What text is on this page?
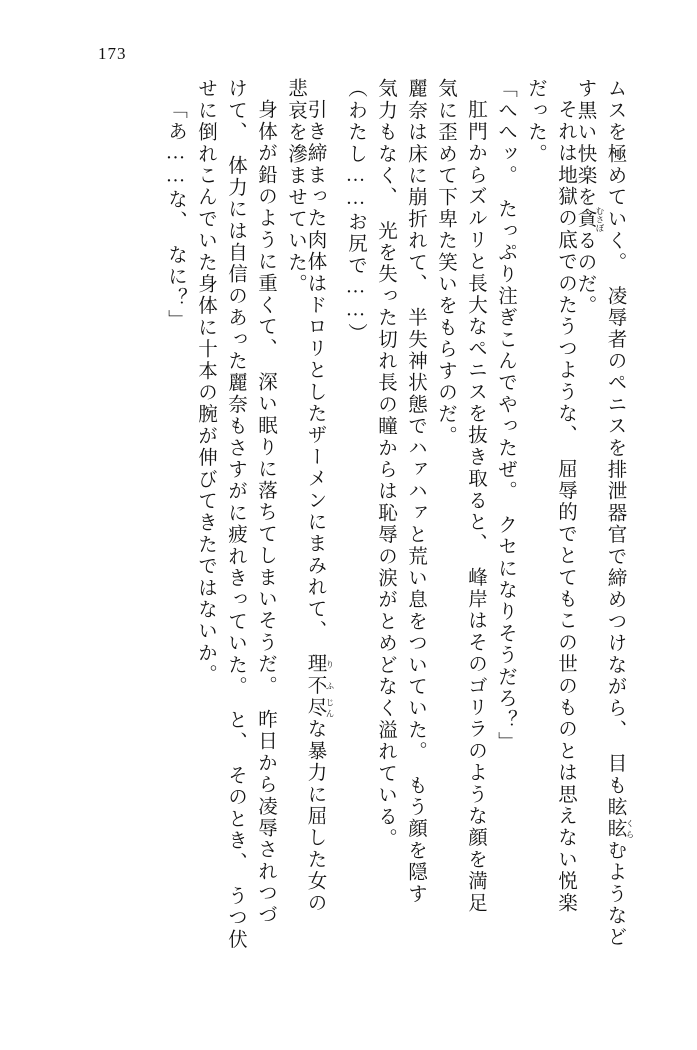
173
ムスを極めていく。　凌辱者のペニスを排泄器官で締めつけながら、　目も眩眩 くらむようなど
す黒い快楽を貪 むさぼるのだ。
それは地獄の底でのたうつような、　屈辱的でとてもこの世のものとは思えない悦楽
だった。
「へへッ。　たっぷり注ぎこんでやったぜ。　クセになりそうだろ？」
肛門からズルリと長大なペニスを抜き取ると、　峰岸はそのゴリラのような顔を満足
気に歪めて下卑た笑いをもらすのだ。
麗奈は床に崩折れて、　半失神状態でハァハァと荒い息をついていた。　もう顔を隠す
気力もなく、　光を失った切れ長の瞳からは恥辱の涙がとめどなく溢れている。
（わたし……お尻で……）
引き締まった肉体はドロリとしたザーメンにまみれて、　理 り不 ふ尽 じんな暴力に屈した女の
悲哀を滲ませていた。
身体が鉛のように重くて、　深い眠りに落ちてしまいそうだ。　昨日から凌辱されつづ
けて、　体力には自信のあった麗奈もさすがに疲れきっていた。　と、　そのとき、　うつ伏
せに倒れこんでいた身体に十本の腕が伸びてきたではないか。
「あ……な、　なに？」
